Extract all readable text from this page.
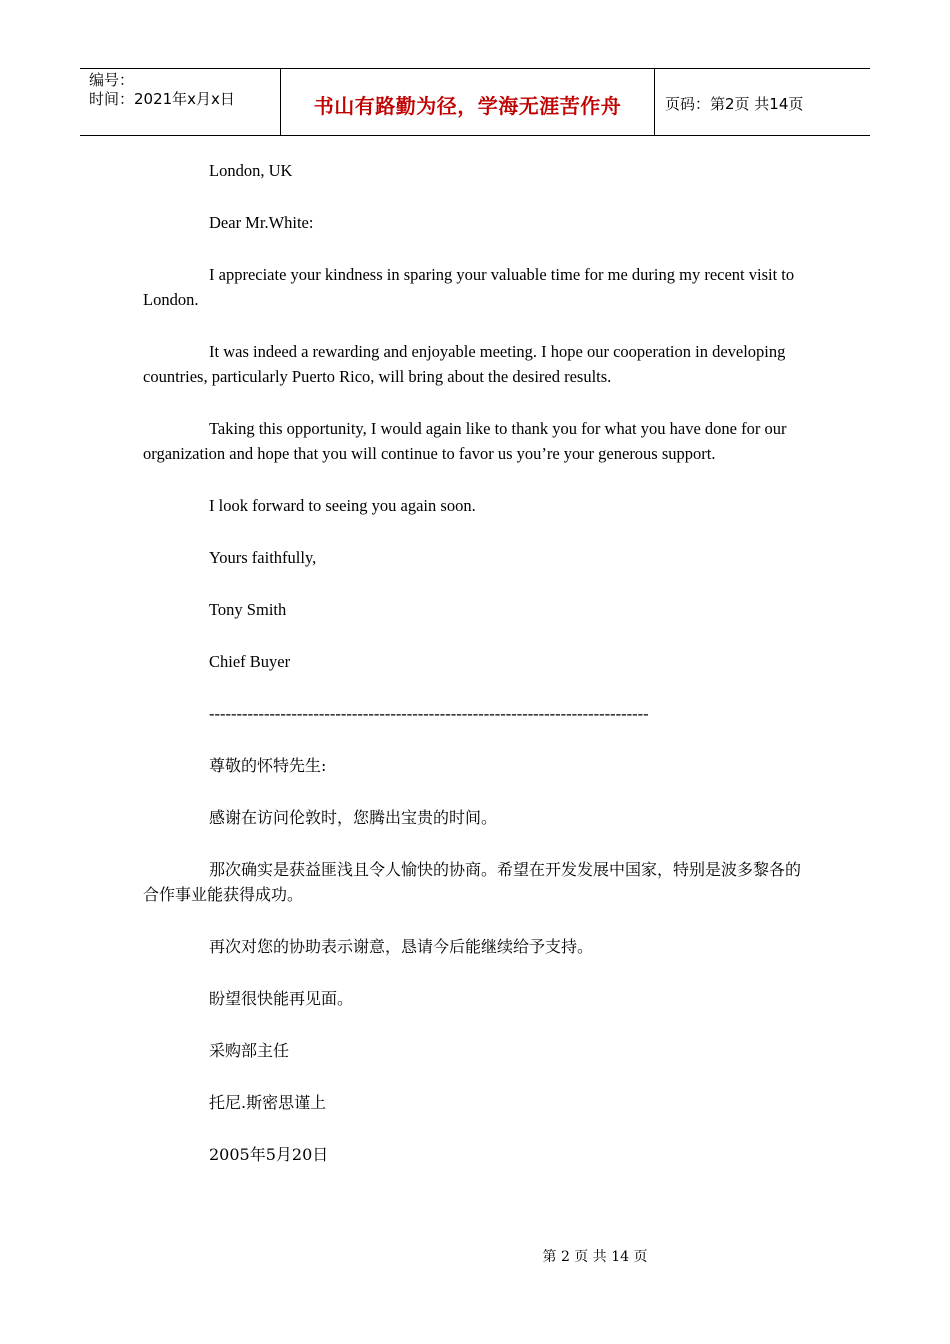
编号：
时间：2021年x月x日	书山有路勤为径，学海无涯苦作舟	页码：第2页 共14页

London, UK

Dear Mr.White:

I appreciate your kindness in sparing your valuable time for me during my recent visit to London.

It was indeed a rewarding and enjoyable meeting. I hope our cooperation in developing countries, particularly Puerto Rico, will bring about the desired results.

Taking this opportunity, I would again like to thank you for what you have done for our organization and hope that you will continue to favor us you’re your generous support.

I look forward to seeing you again soon.

Yours faithfully,

Tony Smith

Chief Buyer

--------------------------------------------------------------------------------

尊敬的怀特先生:

感谢在访问伦敦时，您腾出宝贵的时间。

那次确实是获益匪浅且令人愉快的协商。希望在开发发展中国家，特别是波多黎各的合作事业能获得成功。

再次对您的协助表示谢意，恳请今后能继续给予支持。

盼望很快能再见面。

采购部主任

托尼.斯密思谨上

2005年5月20日

第 2 页 共 14 页
